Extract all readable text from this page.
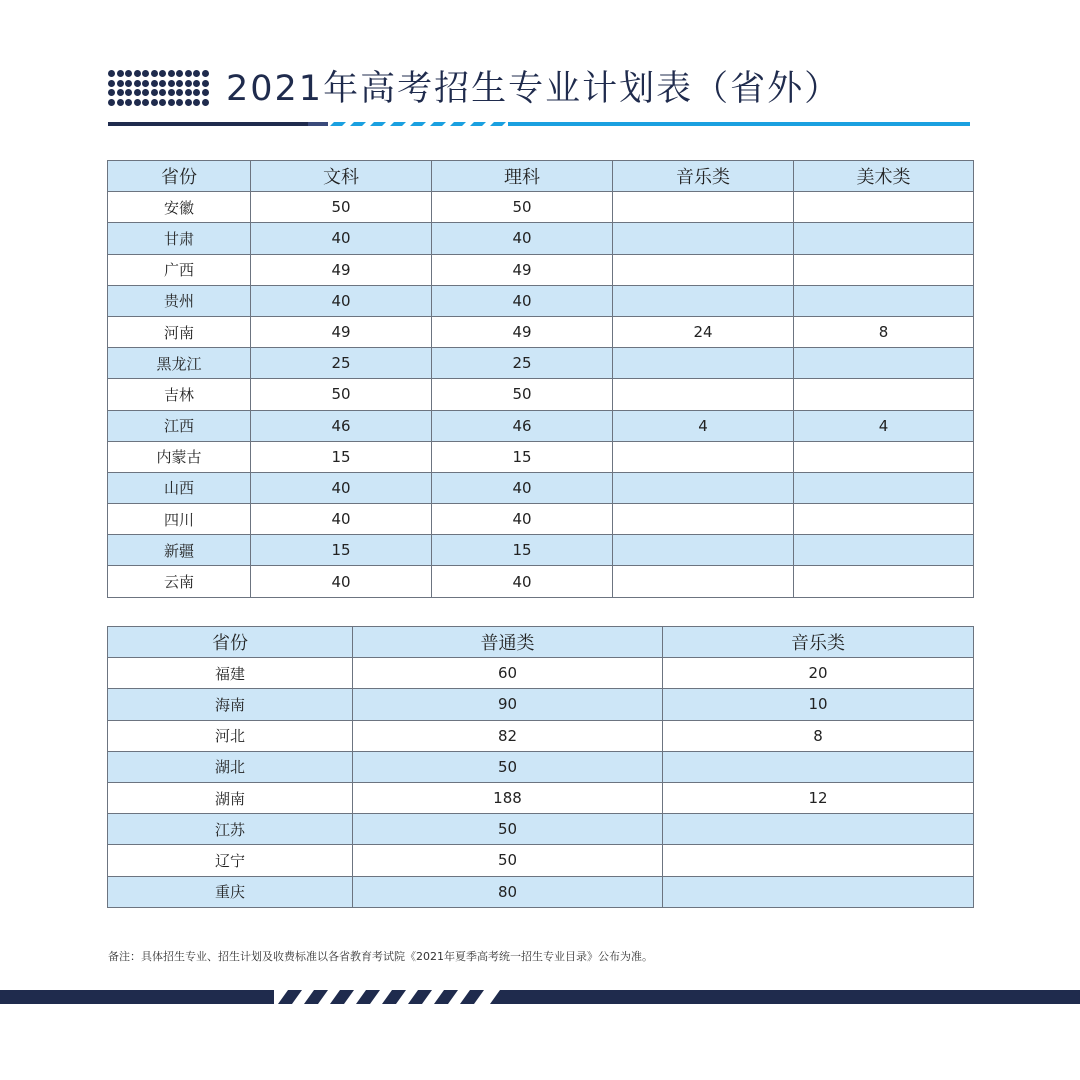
2021年高考招生专业计划表（省外）
省份	文科	理科	音乐类	美术类
安徽	50	50		
甘肃	40	40		
广西	49	49		
贵州	40	40		
河南	49	49	24	8
黑龙江	25	25		
吉林	50	50		
江西	46	46	4	4
内蒙古	15	15		
山西	40	40		
四川	40	40		
新疆	15	15		
云南	40	40		
省份	普通类	音乐类
福建	60	20
海南	90	10
河北	82	8
湖北	50	
湖南	188	12
江苏	50	
辽宁	50	
重庆	80	
备注：具体招生专业、招生计划及收费标准以各省教育考试院《2021年夏季高考统一招生专业目录》公布为准。
